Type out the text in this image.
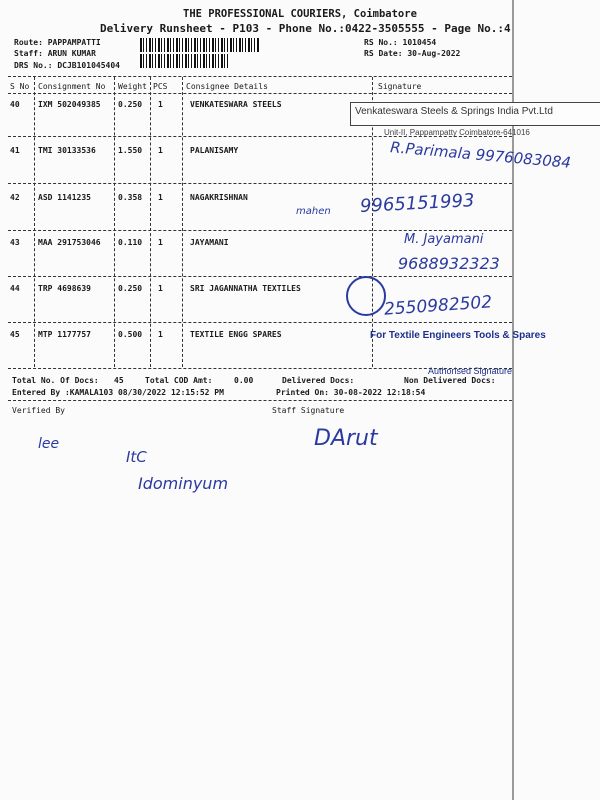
THE PROFESSIONAL COURIERS, Coimbatore
Delivery Runsheet - P103 - Phone No.:0422-3505555 - Page No.:4
Route: PAPPAMPATTI
Staff: ARUN KUMAR
DRS No.: DCJB101045404
RS No.: 1010454
RS Date: 30-Aug-2022
S No Consignment No Weight PCS Consignee Details	Signature
40 IXM 502049385 0.250 1	VENKATESWARA STEELS
41 TMI 30133536	1.550 1	PALANISAMY
42 ASD 1141235	0.358 1	NAGAKRISHNAN
43 MAA 291753046 0.110 1	JAYAMANI
44 TRP 4698639	0.250 1	SRI JAGANNATHA TEXTILES
45 MTP 1177757	0.500 1	TEXTILE ENGG SPARES
Venkateswara Steels & Springs India Pvt.Ltd
Unit-II, Pappampatty Coimbatore-641016
R.Parimala 9976083084
mahen 9965151993
M. Jayamani
9688932323
2550982502
For Textile Engineers Tools & Spares
Authorised Signature
Total No. Of Docs: 45	Total COD Amt:	0.00	Delivered Docs:	Non Delivered Docs:
Entered By :KAMALA103 08/30/2022 12:15:52 PM	Printed On: 30-08-2022 12:18:54
Verified By	Staff Signature
lee
ItC
Idominyum
DArut
